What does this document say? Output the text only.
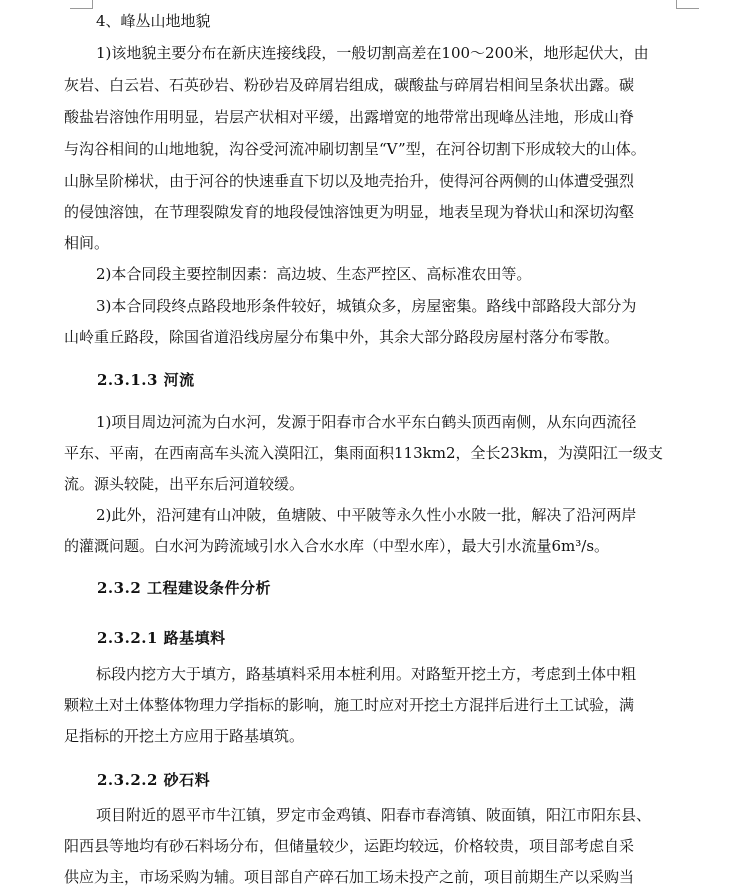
4、峰丛山地地貌
1)该地貌主要分布在新庆连接线段，一般切割高差在100～200米，地形起伏大，由
灰岩、白云岩、石英砂岩、粉砂岩及碎屑岩组成，碳酸盐与碎屑岩相间呈条状出露。碳
酸盐岩溶蚀作用明显，岩层产状相对平缓，出露增宽的地带常出现峰丛洼地，形成山脊
与沟谷相间的山地地貌，沟谷受河流冲刷切割呈“V”型，在河谷切割下形成较大的山体。
山脉呈阶梯状，由于河谷的快速垂直下切以及地壳抬升，使得河谷两侧的山体遭受强烈
的侵蚀溶蚀，在节理裂隙发育的地段侵蚀溶蚀更为明显，地表呈现为脊状山和深切沟壑
相间。
2)本合同段主要控制因素：高边坡、生态严控区、高标准农田等。
3)本合同段终点路段地形条件较好，城镇众多，房屋密集。路线中部路段大部分为
山岭重丘路段，除国省道沿线房屋分布集中外，其余大部分路段房屋村落分布零散。
2.3.1.3 河流
1)项目周边河流为白水河，发源于阳春市合水平东白鹤头顶西南侧，从东向西流径
平东、平南，在西南高车头流入漠阳江，集雨面积113km2，全长23km，为漠阳江一级支
流。源头较陡，出平东后河道较缓。
2)此外，沿河建有山冲陂，鱼塘陂、中平陂等永久性小水陂一批，解决了沿河两岸
的灌溉问题。白水河为跨流域引水入合水水库（中型水库），最大引水流量6m³/s。
2.3.2 工程建设条件分析
2.3.2.1 路基填料
标段内挖方大于填方，路基填料采用本桩利用。对路堑开挖土方，考虑到土体中粗
颗粒土对土体整体物理力学指标的影响，施工时应对开挖土方混拌后进行土工试验，满
足指标的开挖土方应用于路基填筑。
2.3.2.2 砂石料
项目附近的恩平市牛江镇，罗定市金鸡镇、阳春市春湾镇、陂面镇，阳江市阳东县、
阳西县等地均有砂石料场分布，但储量较少，运距均较远，价格较贵，项目部考虑自采
供应为主，市场采购为辅。项目部自产碎石加工场未投产之前，项目前期生产以采购当
